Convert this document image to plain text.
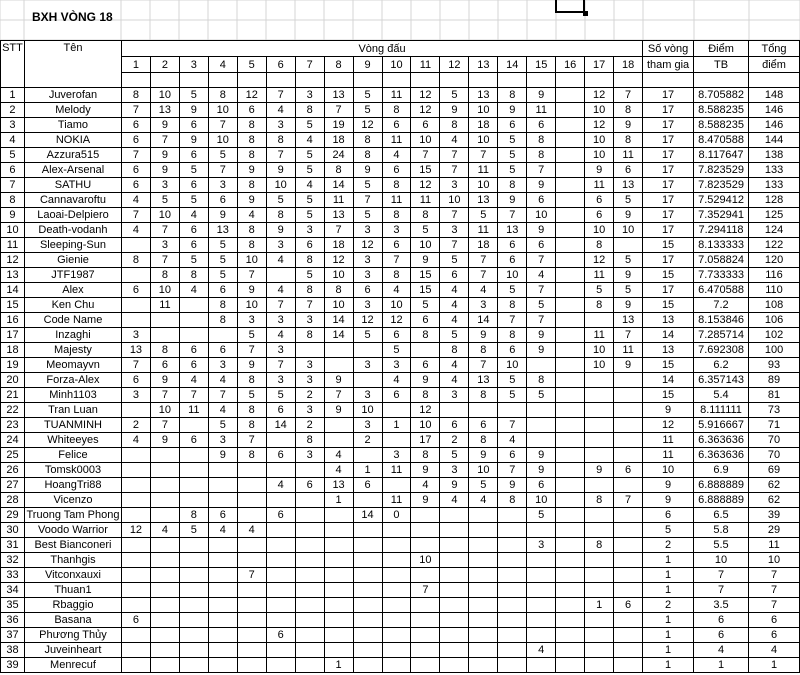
BXH VÒNG 18
STT	Tên	Vòng đấu																		Số vòng	Điểm	Tổng
		1	2	3	4	5	6	7	8	9	10	11	12	13	14	15	16	17	18	tham gia	TB	điểm

1	Juverofan	8	10	5	8	12	7	3	13	5	11	12	5	13	8	9		12	7	17	8.705882	148
2	Melody	7	13	9	10	6	4	8	7	5	8	12	9	10	9	11		10	8	17	8.588235	146
3	Tiamo	6	9	6	7	8	3	5	19	12	6	6	8	18	6	6		12	9	17	8.588235	146
4	NOKIA	6	7	9	10	8	8	4	18	8	11	10	4	10	5	8		10	8	17	8.470588	144
5	Azzura515	7	9	6	5	8	7	5	24	8	4	7	7	7	5	8		10	11	17	8.117647	138
6	Alex-Arsenal	6	9	5	7	9	9	5	8	9	6	15	7	11	5	7		9	6	17	7.823529	133
7	SATHU	6	3	6	3	8	10	4	14	5	8	12	3	10	8	9		11	13	17	7.823529	133
8	Cannavaroftu	4	5	5	6	9	5	5	11	7	11	11	10	13	9	6		6	5	17	7.529412	128
9	Laoai-Delpiero	7	10	4	9	4	8	5	13	5	8	8	7	5	7	10		6	9	17	7.352941	125
10	Death-vodanh	4	7	6	13	8	9	3	7	3	3	5	3	11	13	9		10	10	17	7.294118	124
11	Sleeping-Sun		3	6	5	8	3	6	18	12	6	10	7	18	6	6		8		15	8.133333	122
12	Gienie	8	7	5	5	10	4	8	12	3	7	9	5	7	6	7		12	5	17	7.058824	120
13	JTF1987		8	8	5	7		5	10	3	8	15	6	7	10	4		11	9	15	7.733333	116
14	Alex	6	10	4	6	9	4	8	8	6	4	15	4	4	5	7		5	5	17	6.470588	110
15	Ken Chu		11		8	10	7	7	10	3	10	5	4	3	8	5		8	9	15	7.2	108
16	Code Name				8	3	3	3	14	12	12	6	4	14	7	7			13	13	8.153846	106
17	Inzaghi	3				5	4	8	14	5	6	8	5	9	8	9		11	7	14	7.285714	102
18	Majesty	13	8	6	6	7	3				5		8	8	6	9		10	11	13	7.692308	100
19	Meomayvn	7	6	6	3	9	7	3		3	3	6	4	7	10			10	9	15	6.2	93
20	Forza-Alex	6	9	4	4	8	3	3	9		4	9	4	13	5	8				14	6.357143	89
21	Minh1103	3	7	7	7	5	5	2	7	3	6	8	3	8	5	5				15	5.4	81
22	Tran Luan		10	11	4	8	6	3	9	10		12								9	8.111111	73
23	TUANMINH	2	7		5	8	14	2		3	1	10	6	6	7					12	5.916667	71
24	Whiteeyes	4	9	6	3	7		8		2		17	2	8	4					11	6.363636	70
25	Felice				9	8	6	3	4		3	8	5	9	6	9				11	6.363636	70
26	Tomsk0003								4	1	11	9	3	10	7	9		9	6	10	6.9	69
27	HoangTri88						4	6	13	6		4	9	5	9	6				9	6.888889	62
28	Vicenzo								1		11	9	4	4	8	10		8	7	9	6.888889	62
29	Truong Tam Phong			8	6		6			14	0					5				6	6.5	39
30	Voodo Warrior	12	4	5	4	4														5	5.8	29
31	Best Bianconeri															3		8		2	5.5	11
32	Thanhgis											10								1	10	10
33	Vitconxauxi					7														1	7	7
34	Thuan1											7								1	7	7
35	Rbaggio																	1	6	2	3.5	7
36	Basana	6																		1	6	6
37	Phương Thủy						6													1	6	6
38	Juveinheart															4				1	4	4
39	Menrecuf								1											1	1	1
